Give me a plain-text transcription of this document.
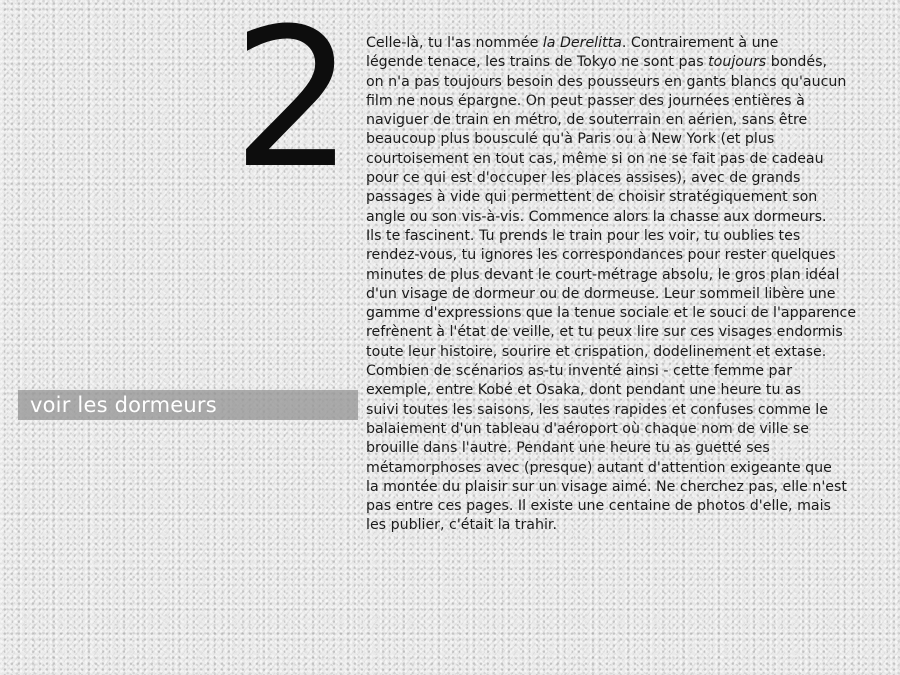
2
voir les dormeurs
Celle-là, tu l'as nommée la Derelitta. Contrairement à une
légende tenace, les trains de Tokyo ne sont pas toujours bondés,
on n'a pas toujours besoin des pousseurs en gants blancs qu'aucun
film ne nous épargne. On peut passer des journées entières à
naviguer de train en métro, de souterrain en aérien, sans être
beaucoup plus bousculé qu'à Paris ou à New York (et plus
courtoisement en tout cas, même si on ne se fait pas de cadeau
pour ce qui est d'occuper les places assises), avec de grands
passages à vide qui permettent de choisir stratégiquement son
angle ou son vis-à-vis. Commence alors la chasse aux dormeurs.
Ils te fascinent. Tu prends le train pour les voir, tu oublies tes
rendez-vous, tu ignores les correspondances pour rester quelques
minutes de plus devant le court-métrage absolu, le gros plan idéal
d'un visage de dormeur ou de dormeuse. Leur sommeil libère une
gamme d'expressions que la tenue sociale et le souci de l'apparence
refrènent à l'état de veille, et tu peux lire sur ces visages endormis
toute leur histoire, sourire et crispation, dodelinement et extase.
Combien de scénarios as-tu inventé ainsi - cette femme par
exemple, entre Kobé et Osaka, dont pendant une heure tu as
suivi toutes les saisons, les sautes rapides et confuses comme le
balaiement d'un tableau d'aéroport où chaque nom de ville se
brouille dans l'autre. Pendant une heure tu as guetté ses
métamorphoses avec (presque) autant d'attention exigeante que
la montée du plaisir sur un visage aimé. Ne cherchez pas, elle n'est
pas entre ces pages. Il existe une centaine de photos d'elle, mais
les publier, c'était la trahir.
